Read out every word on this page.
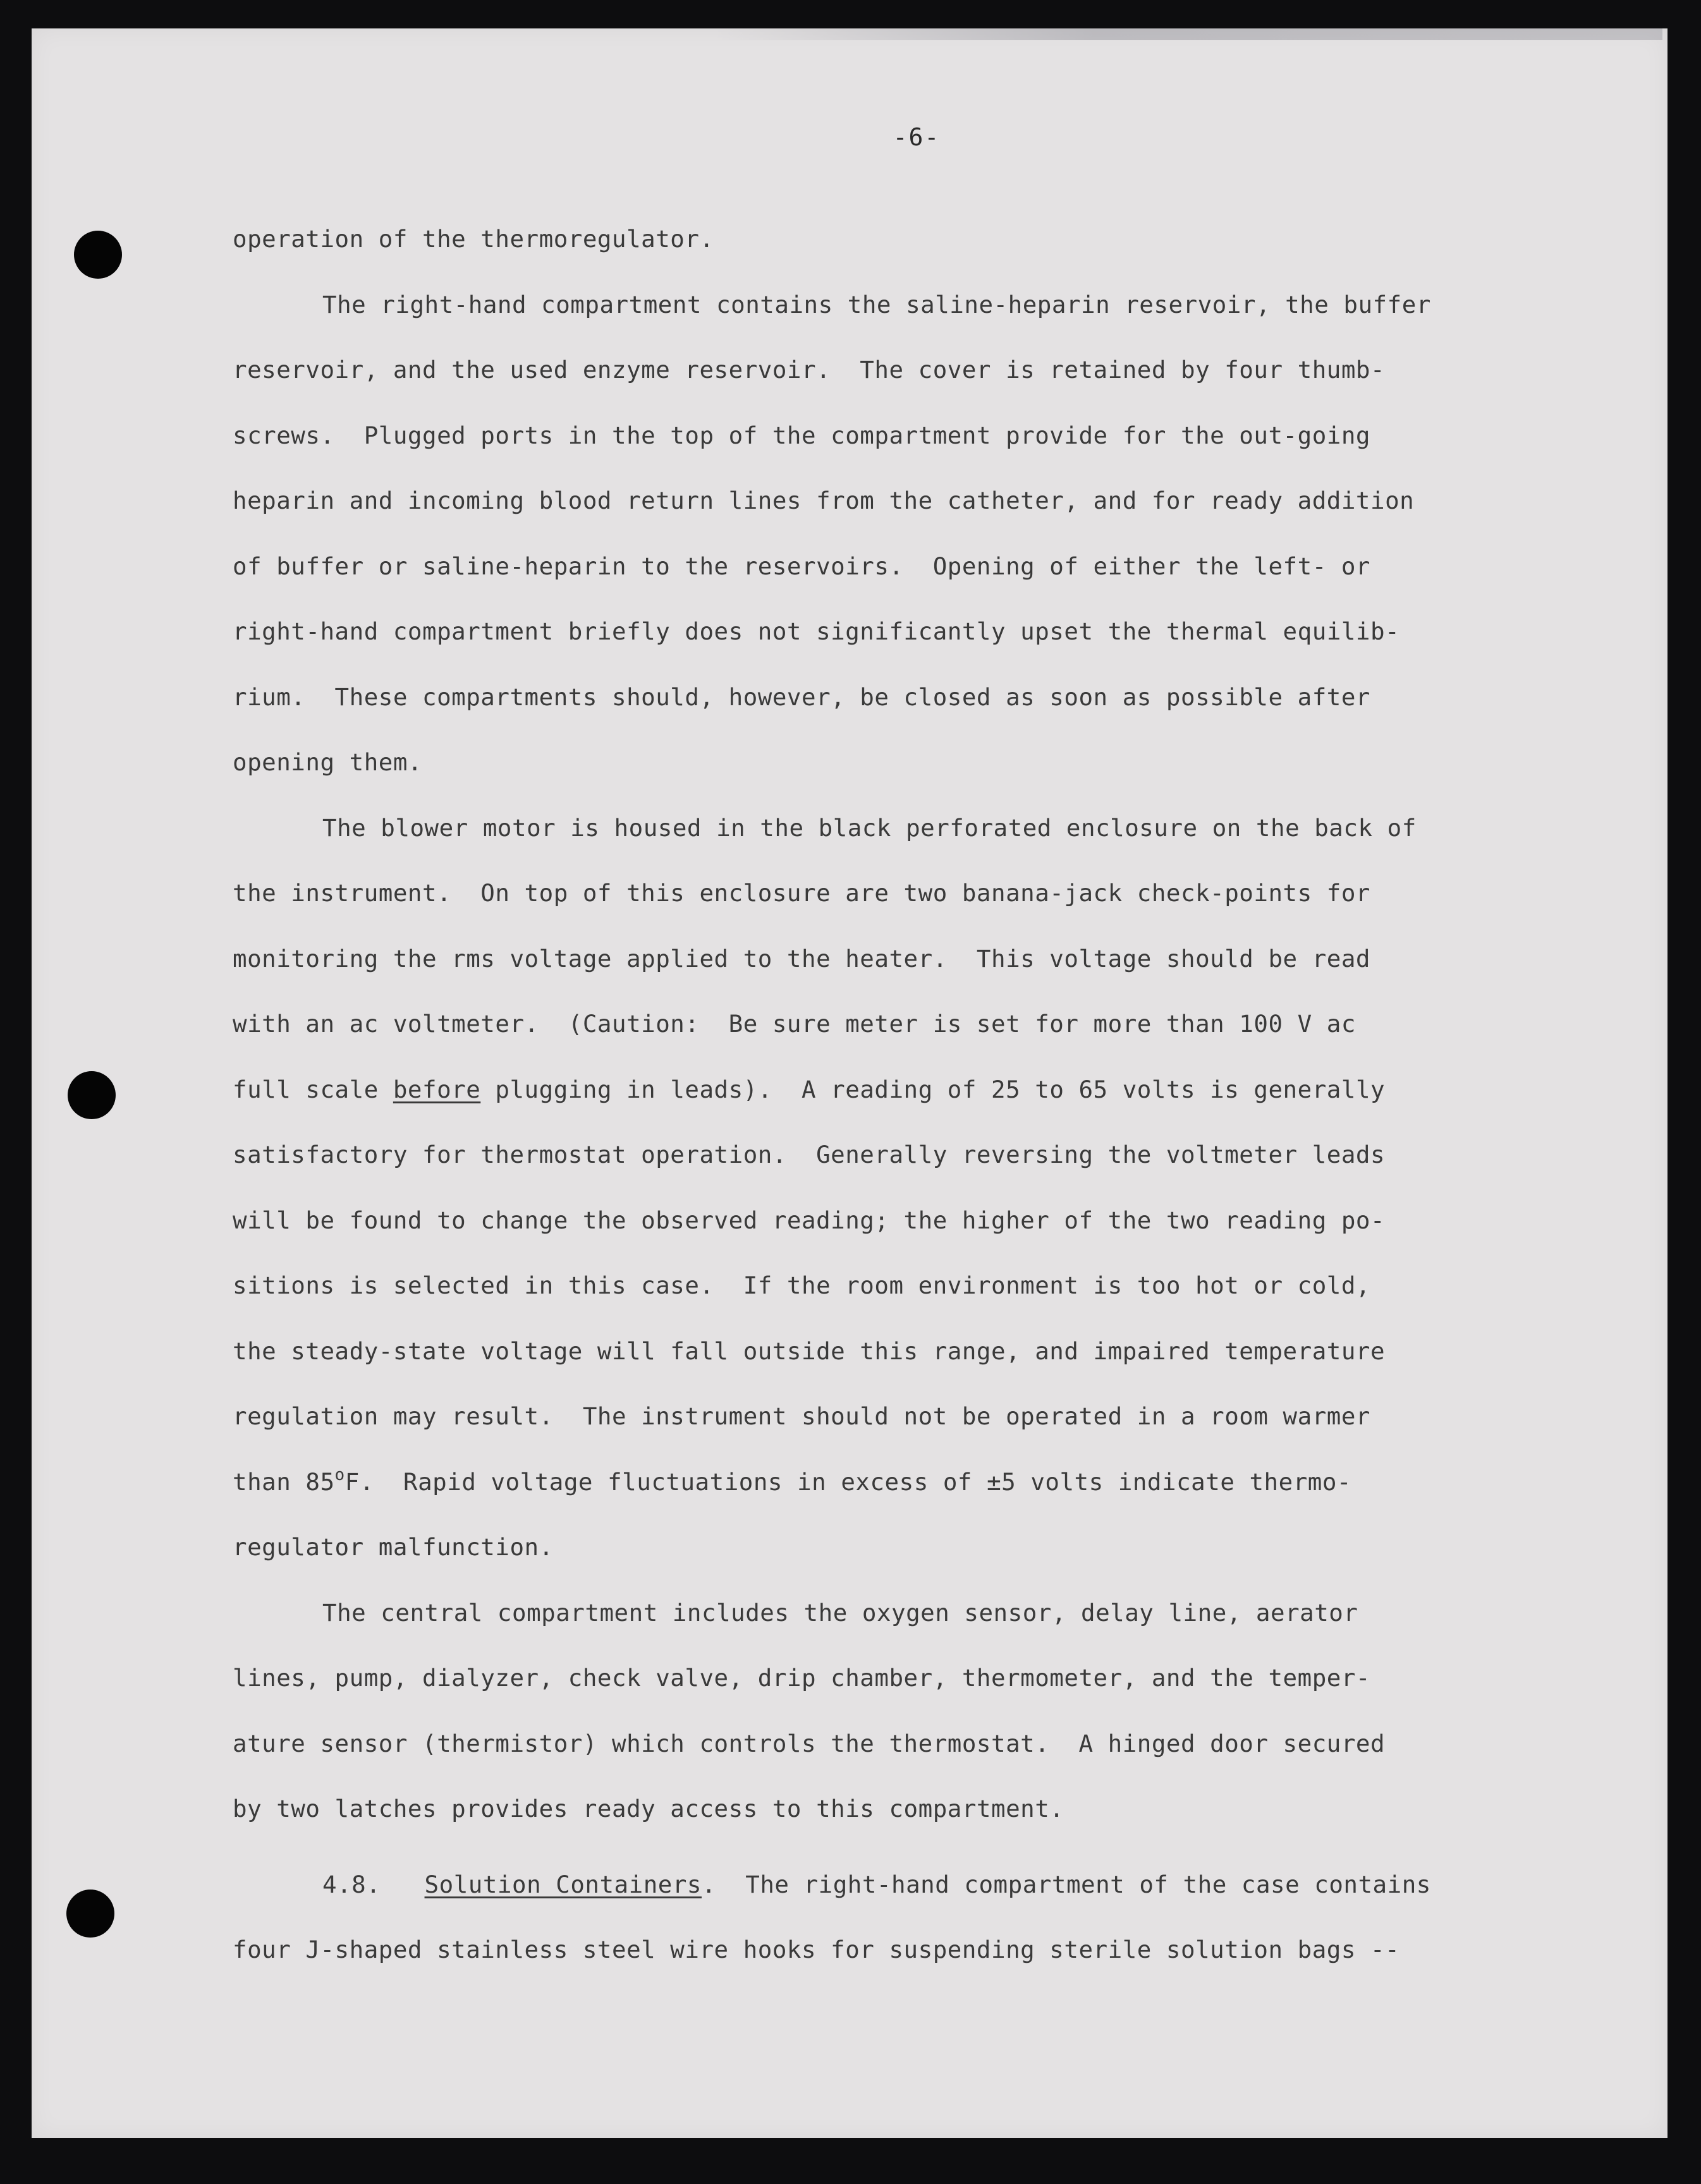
-6-
operation of the thermoregulator.
The right-hand compartment contains the saline-heparin reservoir, the buffer
reservoir, and the used enzyme reservoir.  The cover is retained by four thumb-
screws.  Plugged ports in the top of the compartment provide for the out-going
heparin and incoming blood return lines from the catheter, and for ready addition
of buffer or saline-heparin to the reservoirs.  Opening of either the left- or
right-hand compartment briefly does not significantly upset the thermal equilib-
rium.  These compartments should, however, be closed as soon as possible after
opening them.
The blower motor is housed in the black perforated enclosure on the back of
the instrument.  On top of this enclosure are two banana-jack check-points for
monitoring the rms voltage applied to the heater.  This voltage should be read
with an ac voltmeter.  (Caution:  Be sure meter is set for more than 100 V ac
full scale before plugging in leads).  A reading of 25 to 65 volts is generally
satisfactory for thermostat operation.  Generally reversing the voltmeter leads
will be found to change the observed reading; the higher of the two reading po-
sitions is selected in this case.  If the room environment is too hot or cold,
the steady-state voltage will fall outside this range, and impaired temperature
regulation may result.  The instrument should not be operated in a room warmer
than 85$^o$F.  Rapid voltage fluctuations in excess of ±5 volts indicate thermo-
regulator malfunction.
The central compartment includes the oxygen sensor, delay line, aerator
lines, pump, dialyzer, check valve, drip chamber, thermometer, and the temper-
ature sensor (thermistor) which controls the thermostat.  A hinged door secured
by two latches provides ready access to this compartment.
4.8. Solution Containers.  The right-hand compartment of the case contains
four J-shaped stainless steel wire hooks for suspending sterile solution bags --
